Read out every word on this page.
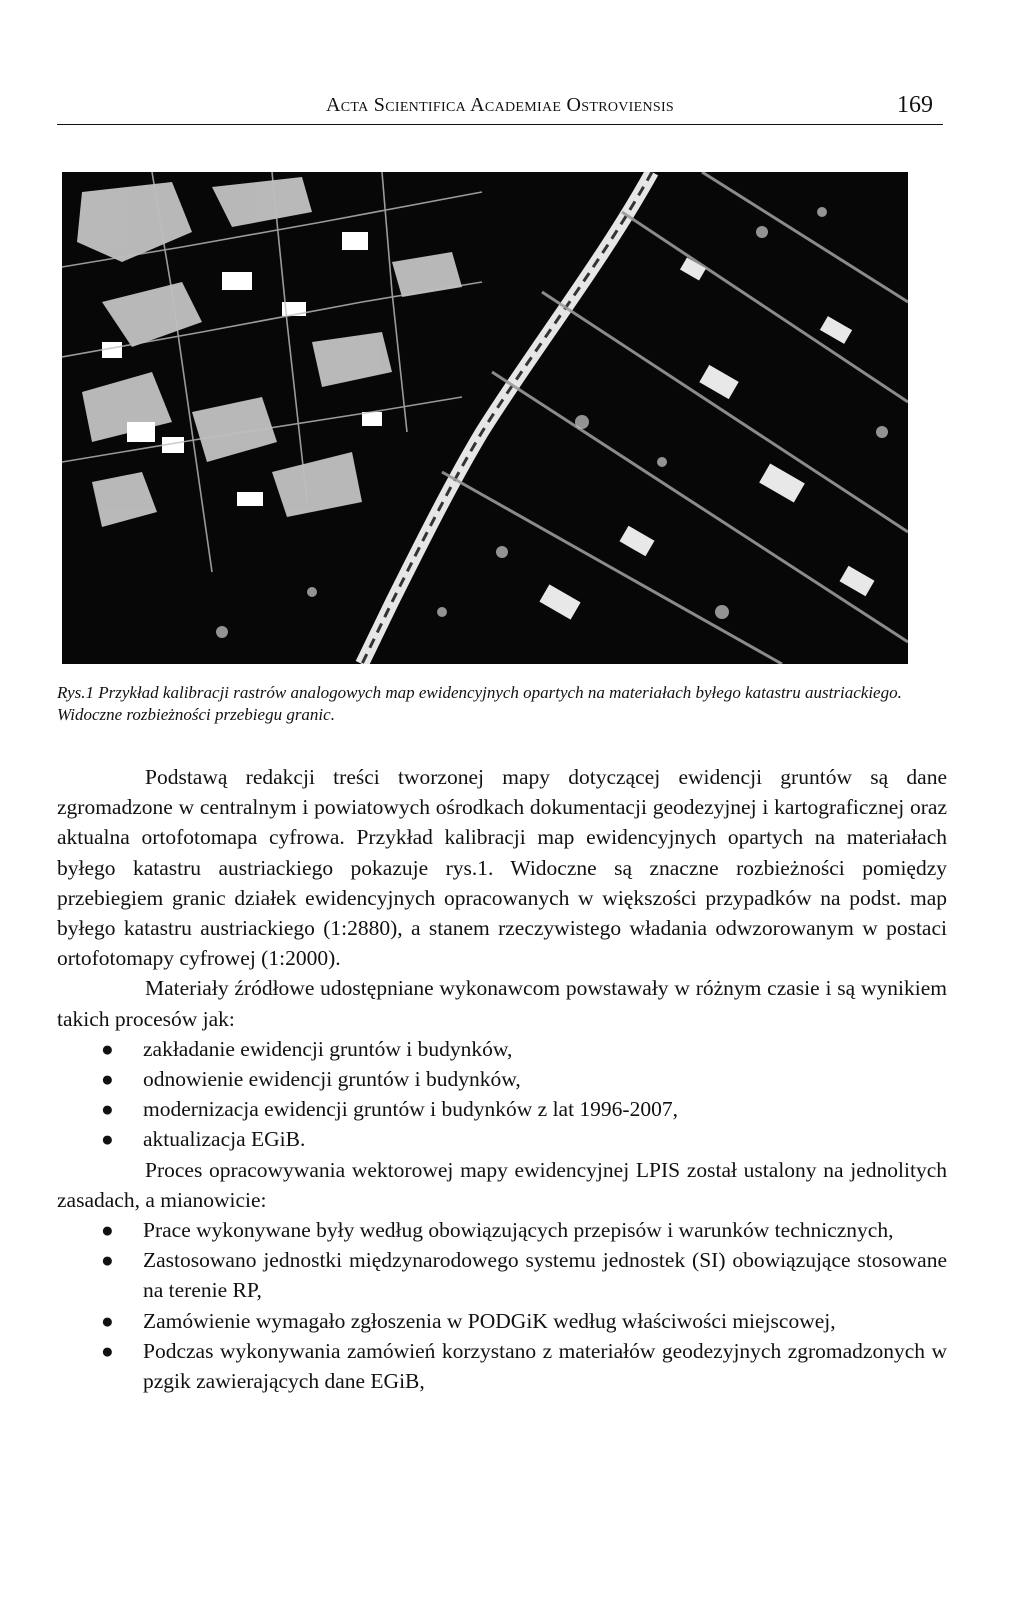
Acta Scientifica Academiae Ostroviensis	169
Rys.1 Przykład kalibracji rastrów analogowych map ewidencyjnych opartych na materiałach byłego katastru austriackiego. Widoczne rozbieżności przebiegu granic.

Podstawą redakcji treści tworzonej mapy dotyczącej ewidencji gruntów są dane zgromadzone w centralnym i powiatowych ośrodkach dokumentacji geodezyjnej i kartograficznej oraz aktualna ortofotomapa cyfrowa. Przykład kalibracji map ewidencyjnych opartych na materiałach byłego katastru austriackiego pokazuje rys.1. Widoczne są znaczne rozbieżności pomiędzy przebiegiem granic działek ewidencyjnych opracowanych w większości przypadków na podst. map byłego katastru austriackiego (1:2880), a stanem rzeczywistego władania odwzorowanym w postaci ortofotomapy cyfrowej (1:2000).

Materiały źródłowe udostępniane wykonawcom powstawały w różnym czasie i są wynikiem takich procesów jak:

● zakładanie ewidencji gruntów i budynków,
● odnowienie ewidencji gruntów i budynków,
● modernizacja ewidencji gruntów i budynków z lat 1996-2007,
● aktualizacja EGiB.

Proces opracowywania wektorowej mapy ewidencyjnej LPIS został ustalony na jednolitych zasadach, a mianowicie:

● Prace wykonywane były według obowiązujących przepisów i warunków technicznych,
● Zastosowano jednostki międzynarodowego systemu jednostek (SI) obowiązujące stosowane na terenie RP,
● Zamówienie wymagało zgłoszenia w PODGiK według właściwości miejscowej,
● Podczas wykonywania zamówień korzystano z materiałów geodezyjnych zgromadzonych w pzgik zawierających dane EGiB,
